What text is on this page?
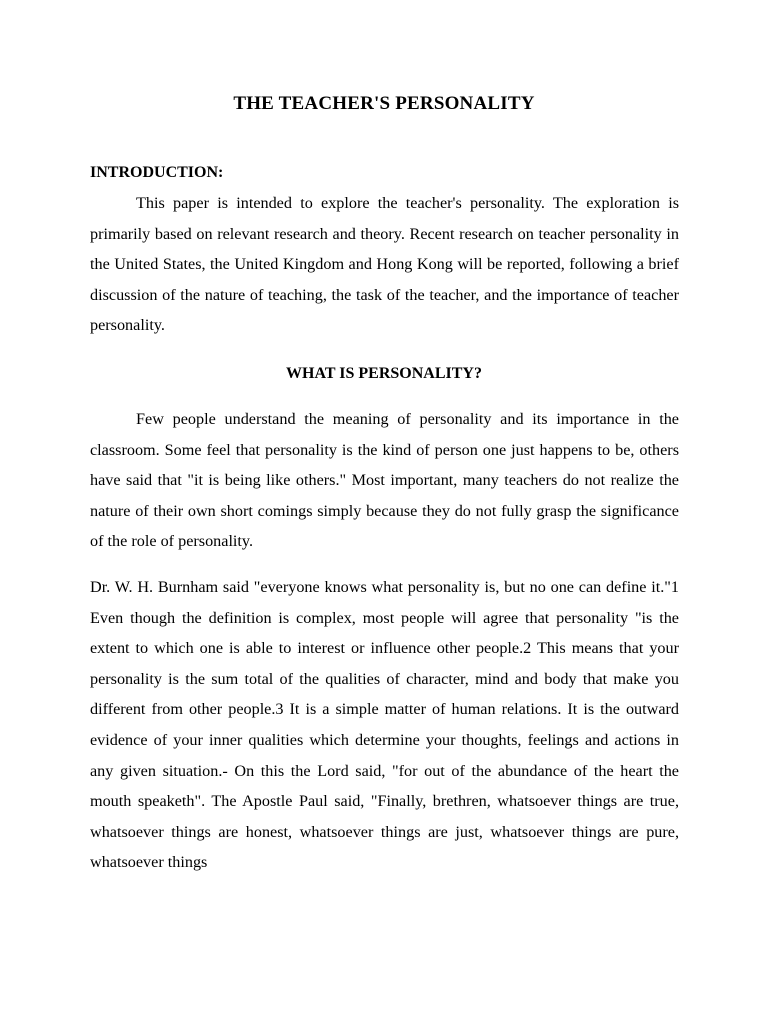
THE TEACHER'S PERSONALITY
INTRODUCTION:

This paper is intended to explore the teacher's personality. The exploration is primarily based on relevant research and theory. Recent research on teacher personality in the United States, the United Kingdom and Hong Kong will be reported, following a brief discussion of the nature of teaching, the task of the teacher, and the importance of teacher personality.

WHAT IS PERSONALITY?

Few people understand the meaning of personality and its importance in the classroom. Some feel that personality is the kind of person one just happens to be, others have said that "it is being like others." Most important, many teachers do not realize the nature of their own short comings simply because they do not fully grasp the significance of the role of personality.

Dr. W. H. Burnham said "everyone knows what personality is, but no one can define it."1 Even though the definition is complex, most people will agree that personality "is the extent to which one is able to interest or influence other people.2 This means that your personality is the sum total of the qualities of character, mind and body that make you different from other people.3 It is a simple matter of human relations. It is the outward evidence of your inner qualities which determine your thoughts, feelings and actions in any given situation.- On this the Lord said, "for out of the abundance of the heart the mouth speaketh". The Apostle Paul said, "Finally, brethren, whatsoever things are true, whatsoever things are honest, whatsoever things are just, whatsoever things are pure, whatsoever things
